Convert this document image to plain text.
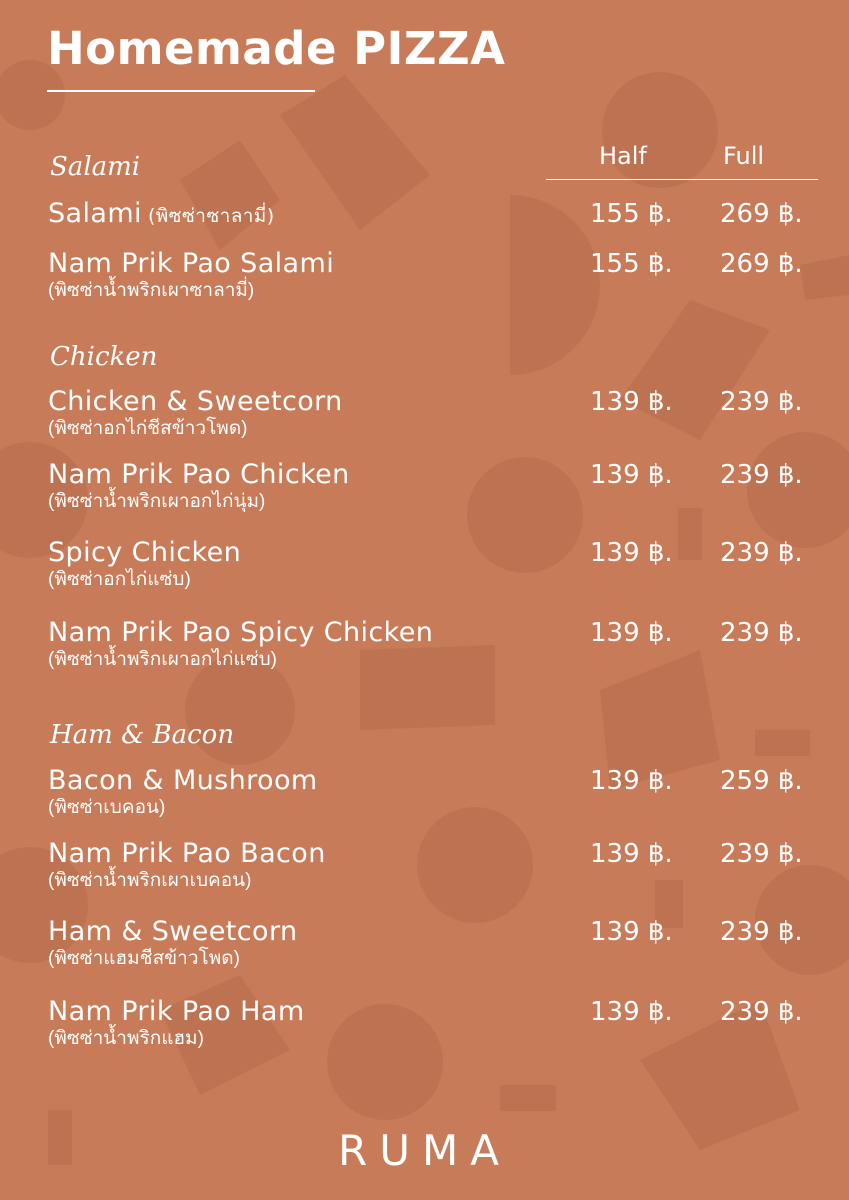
Homemade PIZZA
Half	Full
Salami
Salami (พิซซ่าซาลามี่)	155 ฿. 269 ฿.
Nam Prik Pao Salami
(พิซซ่าน้ำพริกเผาซาลามี่)
155 ฿. 269 ฿.
Chicken
Chicken & Sweetcorn
(พิซซ่าอกไก่ชีสข้าวโพด)
139 ฿. 239 ฿.
Nam Prik Pao Chicken
(พิซซ่าน้ำพริกเผาอกไก่นุ่ม)
139 ฿. 239 ฿.
Spicy Chicken
(พิซซ่าอกไก่แซ่บ)
139 ฿. 239 ฿.
Nam Prik Pao Spicy Chicken
(พิซซ่าน้ำพริกเผาอกไก่แซ่บ)
139 ฿. 239 ฿.
Ham & Bacon
Bacon & Mushroom
(พิซซ่าเบคอน)
139 ฿. 259 ฿.
Nam Prik Pao Bacon
(พิซซ่าน้ำพริกเผาเบคอน)
139 ฿. 239 ฿.
Ham & Sweetcorn
(พิซซ่าแฮมชีสข้าวโพด)
139 ฿. 239 ฿.
Nam Prik Pao Ham
(พิซซ่าน้ำพริกแฮม)
139 ฿. 239 ฿.
RUMA
